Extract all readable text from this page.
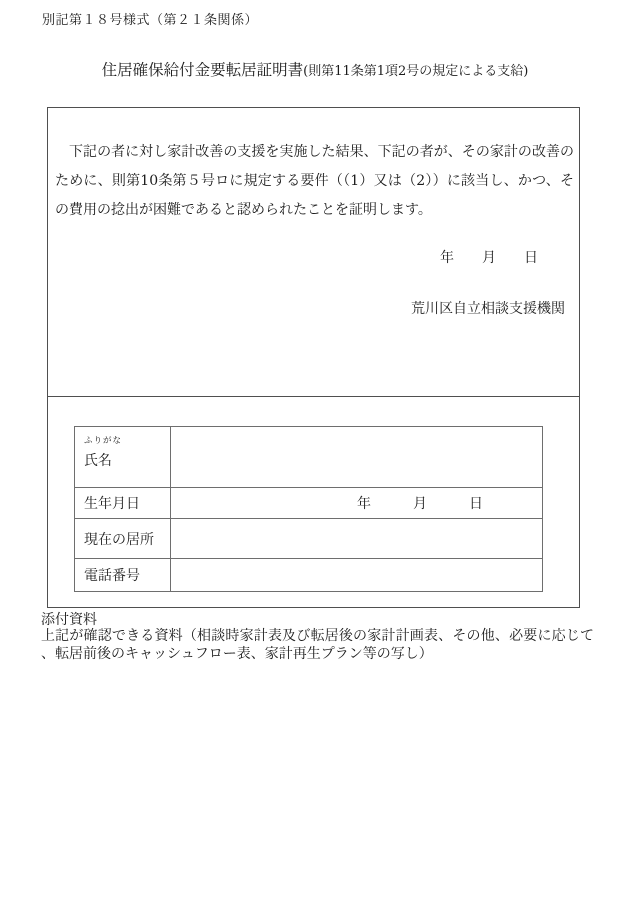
別記第１８号様式（第２１条関係）
住居確保給付金要転居証明書(則第11条第1項2号の規定による支給)
　下記の者に対し家計改善の支援を実施した結果、下記の者が、その家計の改善のために、則第10条第５号ロに規定する要件（（1）又は（2））に該当し、かつ、その費用の捻出が困難であると認められたことを証明します。
年　　月　　日
荒川区自立相談支援機関
ふりがな
氏名	
生年月日	年　　　月　　　日
現在の居所	
電話番号	
添付資料
上記が確認できる資料（相談時家計表及び転居後の家計計画表、その他、必要に応じて、転居前後のキャッシュフロー表、家計再生プラン等の写し）
